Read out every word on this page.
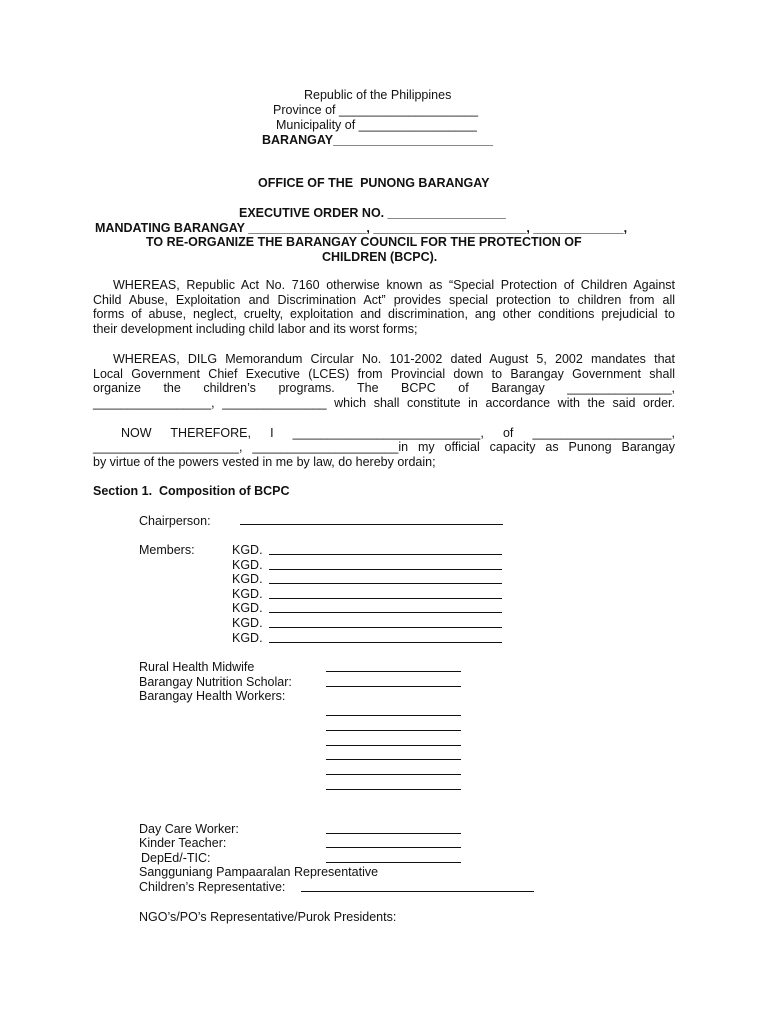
Republic of the Philippines
Province of ____________________
Municipality of _________________
BARANGAY_______________________
OFFICE OF THE  PUNONG BARANGAY
EXECUTIVE ORDER NO. _________________
MANDATING BARANGAY _________________, ______________________, _____________,
TO RE-ORGANIZE THE BARANGAY COUNCIL FOR THE PROTECTION OF
CHILDREN (BCPC).
WHEREAS, Republic Act No. 7160 otherwise known as “Special Protection of Children Against
Child Abuse, Exploitation and Discrimination Act” provides special protection to children from all
forms of abuse, neglect, cruelty, exploitation and discrimination, ang other conditions prejudicial to
their development including child labor and its worst forms;
WHEREAS, DILG Memorandum Circular No. 101-2002 dated August 5, 2002 mandates that
Local Government Chief Executive (LCES) from Provincial down to Barangay Government shall
organize the children’s programs. The BCPC of Barangay _______________,
_________________, _______________ which shall constitute in accordance with the said order.
NOW THEREFORE, I ___________________________, of ____________________,
_____________________, _____________________in my official capacity as Punong Barangay
by virtue of the powers vested in me by law, do hereby ordain;
Section 1.  Composition of BCPC
Chairperson:
Members:	KGD.
KGD.
KGD.
KGD.
KGD.
KGD.
KGD.
Rural Health Midwife
Barangay Nutrition Scholar:
Barangay Health Workers:
Day Care Worker:
Kinder Teacher:
DepEd/-TIC:
Sangguniang Pampaaralan Representative
Children’s Representative:
NGO’s/PO’s Representative/Purok Presidents:
